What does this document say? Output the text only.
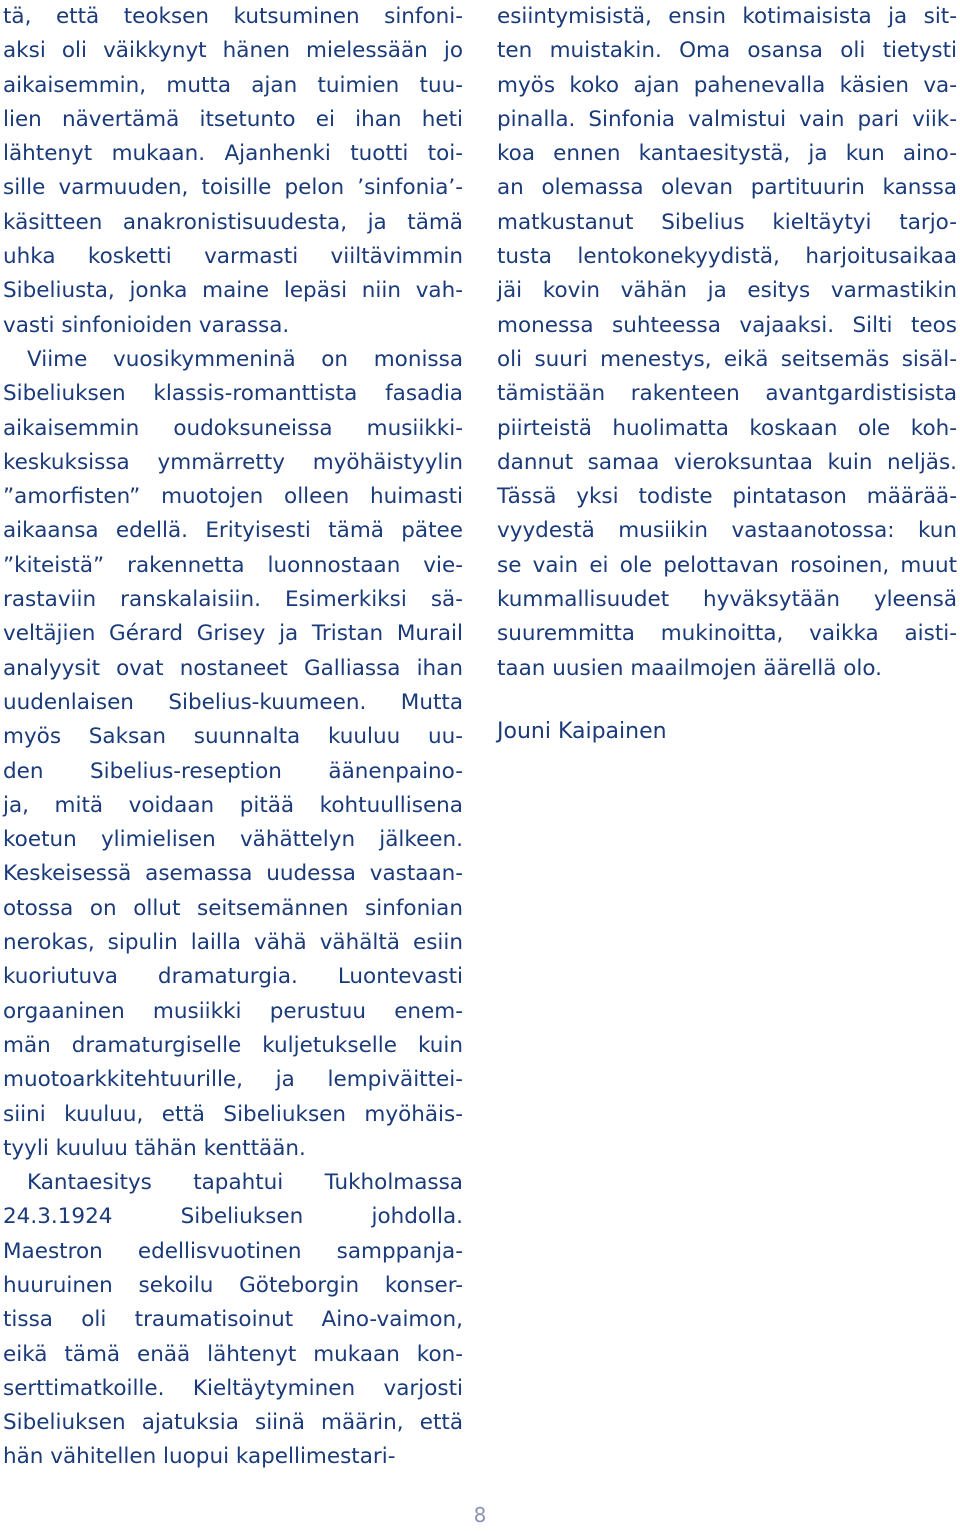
tä, että teoksen kutsuminen sinfoni-
aksi oli väikkynyt hänen mielessään jo
aikaisemmin, mutta ajan tuimien tuu-
lien nävertämä itsetunto ei ihan heti
lähtenyt mukaan. Ajanhenki tuotti toi-
sille varmuuden, toisille pelon ’sinfonia’-
käsitteen anakronistisuudesta, ja tämä
uhka kosketti varmasti viiltävimmin
Sibeliusta, jonka maine lepäsi niin vah-
vasti sinfonioiden varassa.
Viime vuosikymmeninä on monissa
Sibeliuksen klassis-romanttista fasadia
aikaisemmin oudoksuneissa musiikki-
keskuksissa ymmärretty myöhäistyylin
”amorfisten” muotojen olleen huimasti
aikaansa edellä. Erityisesti tämä pätee
”kiteistä” rakennetta luonnostaan vie-
rastaviin ranskalaisiin. Esimerkiksi sä-
veltäjien Gérard Grisey ja Tristan Murail
analyysit ovat nostaneet Galliassa ihan
uudenlaisen Sibelius-kuumeen. Mutta
myös Saksan suunnalta kuuluu uu-
den Sibelius-reseption äänenpaino-
ja, mitä voidaan pitää kohtuullisena
koetun ylimielisen vähättelyn jälkeen.
Keskeisessä asemassa uudessa vastaan-
otossa on ollut seitsemännen sinfonian
nerokas, sipulin lailla vähä vähältä esiin
kuoriutuva dramaturgia. Luontevasti
orgaaninen musiikki perustuu enem-
män dramaturgiselle kuljetukselle kuin
muotoarkkitehtuurille, ja lempiväittei-
siini kuuluu, että Sibeliuksen myöhäis-
tyyli kuuluu tähän kenttään.
Kantaesitys tapahtui Tukholmassa
24.3.1924 Sibeliuksen johdolla.
Maestron edellisvuotinen samppanja-
huuruinen sekoilu Göteborgin konser-
tissa oli traumatisoinut Aino-vaimon,
eikä tämä enää lähtenyt mukaan kon-
serttimatkoille. Kieltäytyminen varjosti
Sibeliuksen ajatuksia siinä määrin, että
hän vähitellen luopui kapellimestari-
esiintymisistä, ensin kotimaisista ja sit-
ten muistakin. Oma osansa oli tietysti
myös koko ajan pahenevalla käsien va-
pinalla. Sinfonia valmistui vain pari viik-
koa ennen kantaesitystä, ja kun aino-
an olemassa olevan partituurin kanssa
matkustanut Sibelius kieltäytyi tarjo-
tusta lentokonekyydistä, harjoitusaikaa
jäi kovin vähän ja esitys varmastikin
monessa suhteessa vajaaksi. Silti teos
oli suuri menestys, eikä seitsemäs sisäl-
tämistään rakenteen avantgardistisista
piirteistä huolimatta koskaan ole koh-
dannut samaa vieroksuntaa kuin neljäs.
Tässä yksi todiste pintatason määrää-
vyydestä musiikin vastaanotossa: kun
se vain ei ole pelottavan rosoinen, muut
kummallisuudet hyväksytään yleensä
suuremmitta mukinoitta, vaikka aisti-
taan uusien maailmojen äärellä olo.
Jouni Kaipainen
8
